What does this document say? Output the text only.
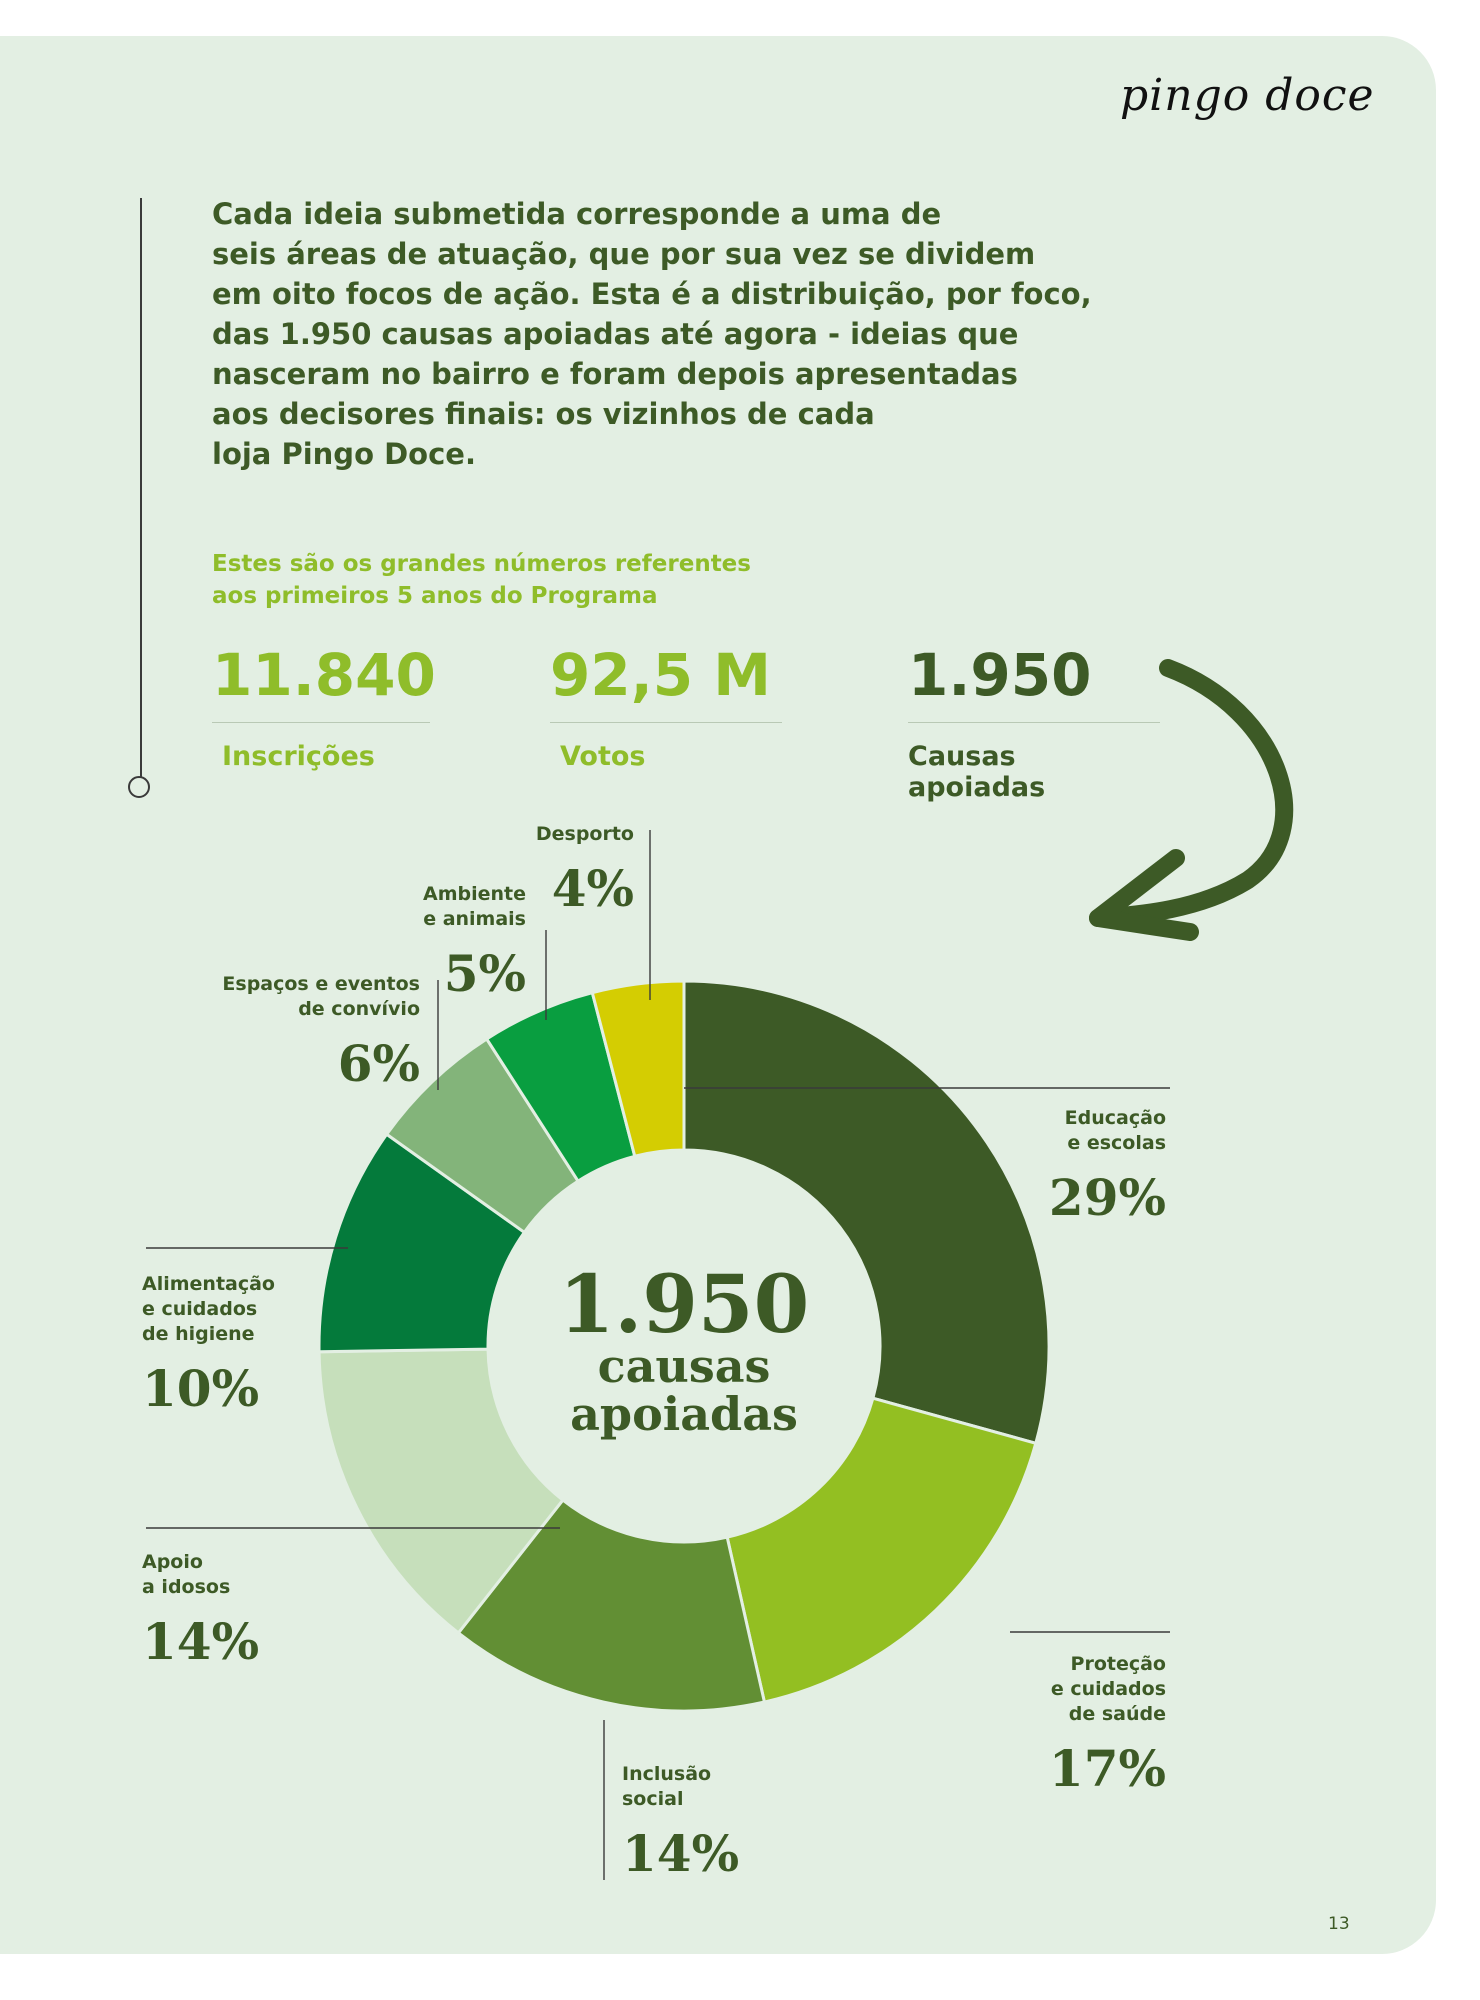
pingo doce

Cada ideia submetida corresponde a uma de
seis áreas de atuação, que por sua vez se dividem
em oito focos de ação. Esta é a distribuição, por foco,
das 1.950 causas apoiadas até agora - ideias que
nasceram no bairro e foram depois apresentadas
aos decisores finais: os vizinhos de cada
loja Pingo Doce.

Estes são os grandes números referentes
aos primeiros 5 anos do Programa

11.840
Inscrições
92,5 M
Votos
1.950
Causas apoiadas
Educação e escolas
29%
Proteção e cuidados de saúde
17%
Inclusão social
14%
Apoio a idosos
14%
Alimentação e cuidados de higiene
10%
Espaços e eventos de convívio
6%
Ambiente e animais
5%
Desporto
4%
1.950
causas
apoiadas
13
